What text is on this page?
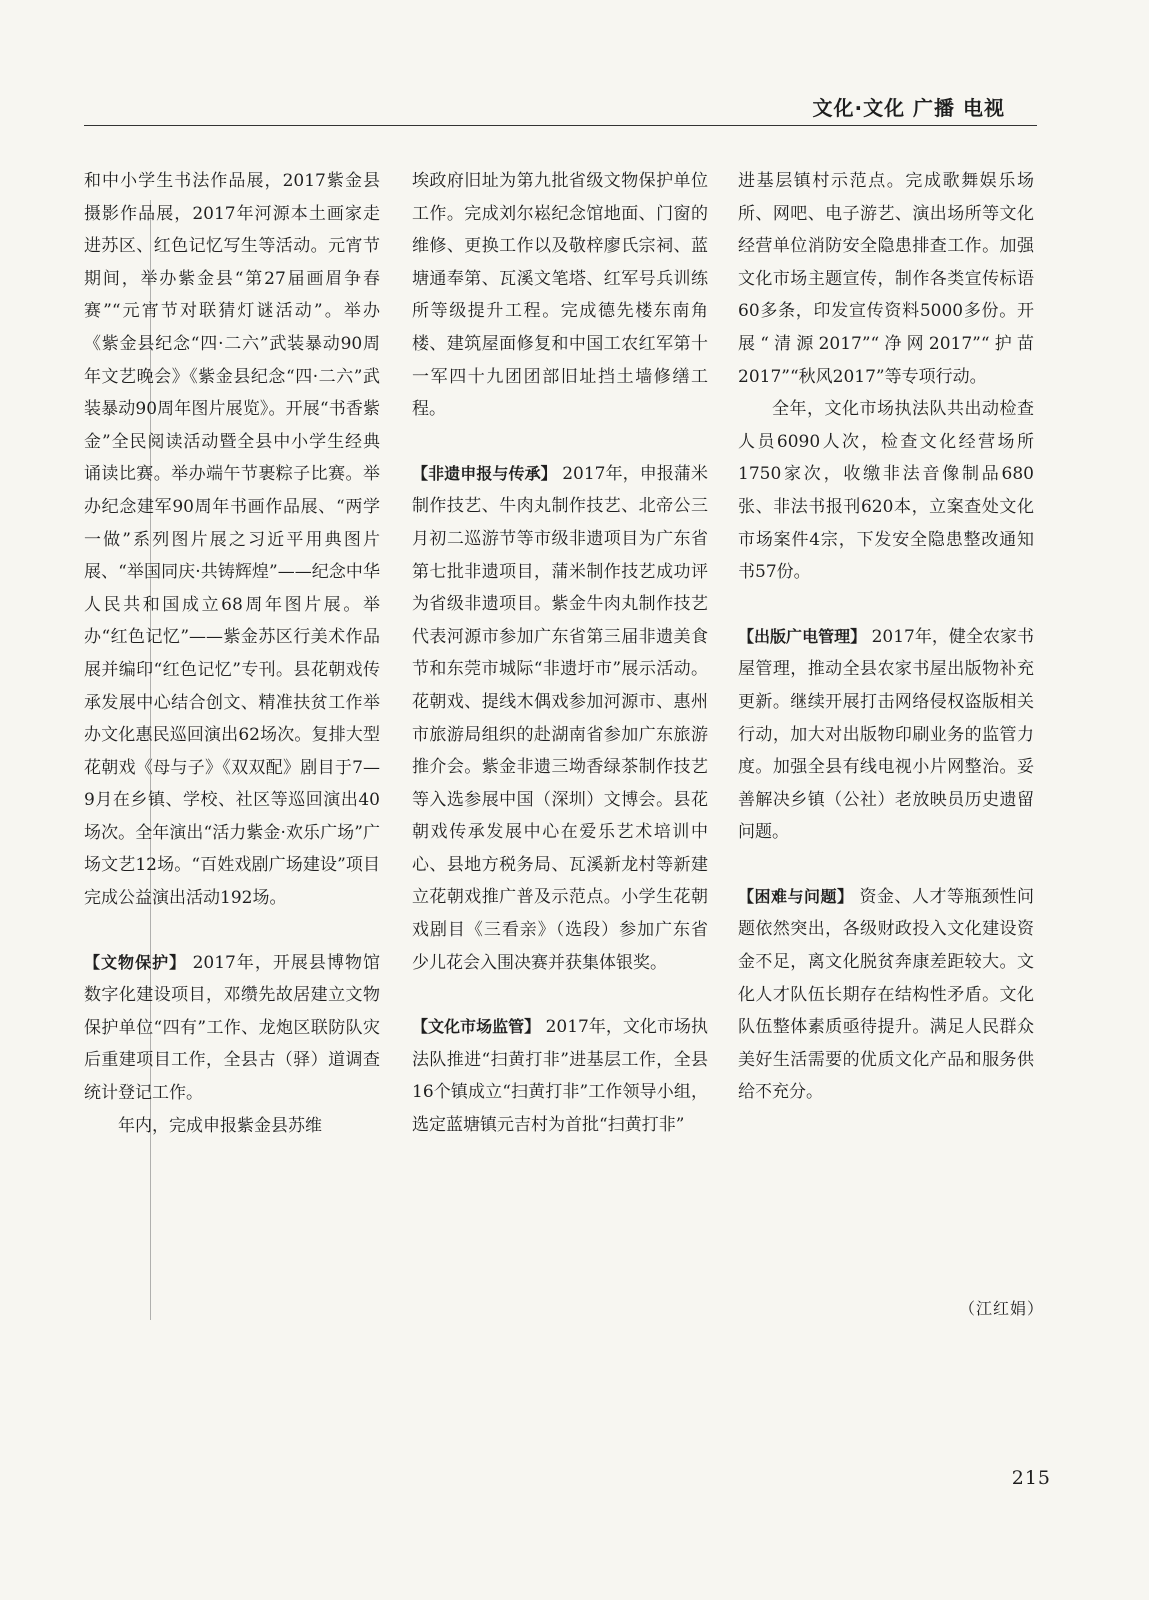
文化·文化 广播 电视

和中小学生书法作品展，2017紫金县摄影作品展，2017年河源本土画家走进苏区、红色记忆写生等活动。元宵节期间，举办紫金县“第27届画眉争春赛”“元宵节对联猜灯谜活动”。举办《紫金县纪念“四·二六”武装暴动90周年文艺晚会》《紫金县纪念“四·二六”武装暴动90周年图片展览》。开展“书香紫金”全民阅读活动暨全县中小学生经典诵读比赛。举办端午节裹粽子比赛。举办纪念建军90周年书画作品展、“两学一做”系列图片展之习近平用典图片展、“举国同庆·共铸辉煌”——纪念中华人民共和国成立68周年图片展。举办“红色记忆”——紫金苏区行美术作品展并编印“红色记忆”专刊。县花朝戏传承发展中心结合创文、精准扶贫工作举办文化惠民巡回演出62场次。复排大型花朝戏《母与子》《双双配》剧目于7—9月在乡镇、学校、社区等巡回演出40场次。全年演出“活力紫金·欢乐广场”广场文艺12场。“百姓戏剧广场建设”项目完成公益演出活动192场。

【文物保护】 2017年，开展县博物馆数字化建设项目，邓缵先故居建立文物保护单位“四有”工作、龙炮区联防队灾后重建项目工作，全县古（驿）道调查统计登记工作。

年内，完成申报紫金县苏维

埃政府旧址为第九批省级文物保护单位工作。完成刘尔崧纪念馆地面、门窗的维修、更换工作以及敬梓廖氏宗祠、蓝塘通奉第、瓦溪文笔塔、红军号兵训练所等级提升工程。完成德先楼东南角楼、建筑屋面修复和中国工农红军第十一军四十九团团部旧址挡土墙修缮工程。

【非遗申报与传承】 2017年，申报蒲米制作技艺、牛肉丸制作技艺、北帝公三月初二巡游节等市级非遗项目为广东省第七批非遗项目，蒲米制作技艺成功评为省级非遗项目。紫金牛肉丸制作技艺代表河源市参加广东省第三届非遗美食节和东莞市城际“非遗圩市”展示活动。花朝戏、提线木偶戏参加河源市、惠州市旅游局组织的赴湖南省参加广东旅游推介会。紫金非遗三坳香绿茶制作技艺等入选参展中国（深圳）文博会。县花朝戏传承发展中心在爱乐艺术培训中心、县地方税务局、瓦溪新龙村等新建立花朝戏推广普及示范点。小学生花朝戏剧目《三看亲》（选段）参加广东省少儿花会入围决赛并获集体银奖。

【文化市场监管】 2017年，文化市场执法队推进“扫黄打非”进基层工作，全县16个镇成立“扫黄打非”工作领导小组，选定蓝塘镇元吉村为首批“扫黄打非”

进基层镇村示范点。完成歌舞娱乐场所、网吧、电子游艺、演出场所等文化经营单位消防安全隐患排查工作。加强文化市场主题宣传，制作各类宣传标语60多条，印发宣传资料5000多份。开展“清源2017”“净网2017”“护苗2017”“秋风2017”等专项行动。

全年，文化市场执法队共出动检查人员6090人次，检查文化经营场所1750家次，收缴非法音像制品680张、非法书报刊620本，立案查处文化市场案件4宗，下发安全隐患整改通知书57份。

【出版广电管理】 2017年，健全农家书屋管理，推动全县农家书屋出版物补充更新。继续开展打击网络侵权盗版相关行动，加大对出版物印刷业务的监管力度。加强全县有线电视小片网整治。妥善解决乡镇（公社）老放映员历史遗留问题。

【困难与问题】 资金、人才等瓶颈性问题依然突出，各级财政投入文化建设资金不足，离文化脱贫奔康差距较大。文化人才队伍长期存在结构性矛盾。文化队伍整体素质亟待提升。满足人民群众美好生活需要的优质文化产品和服务供给不充分。

（江红娟）
215
